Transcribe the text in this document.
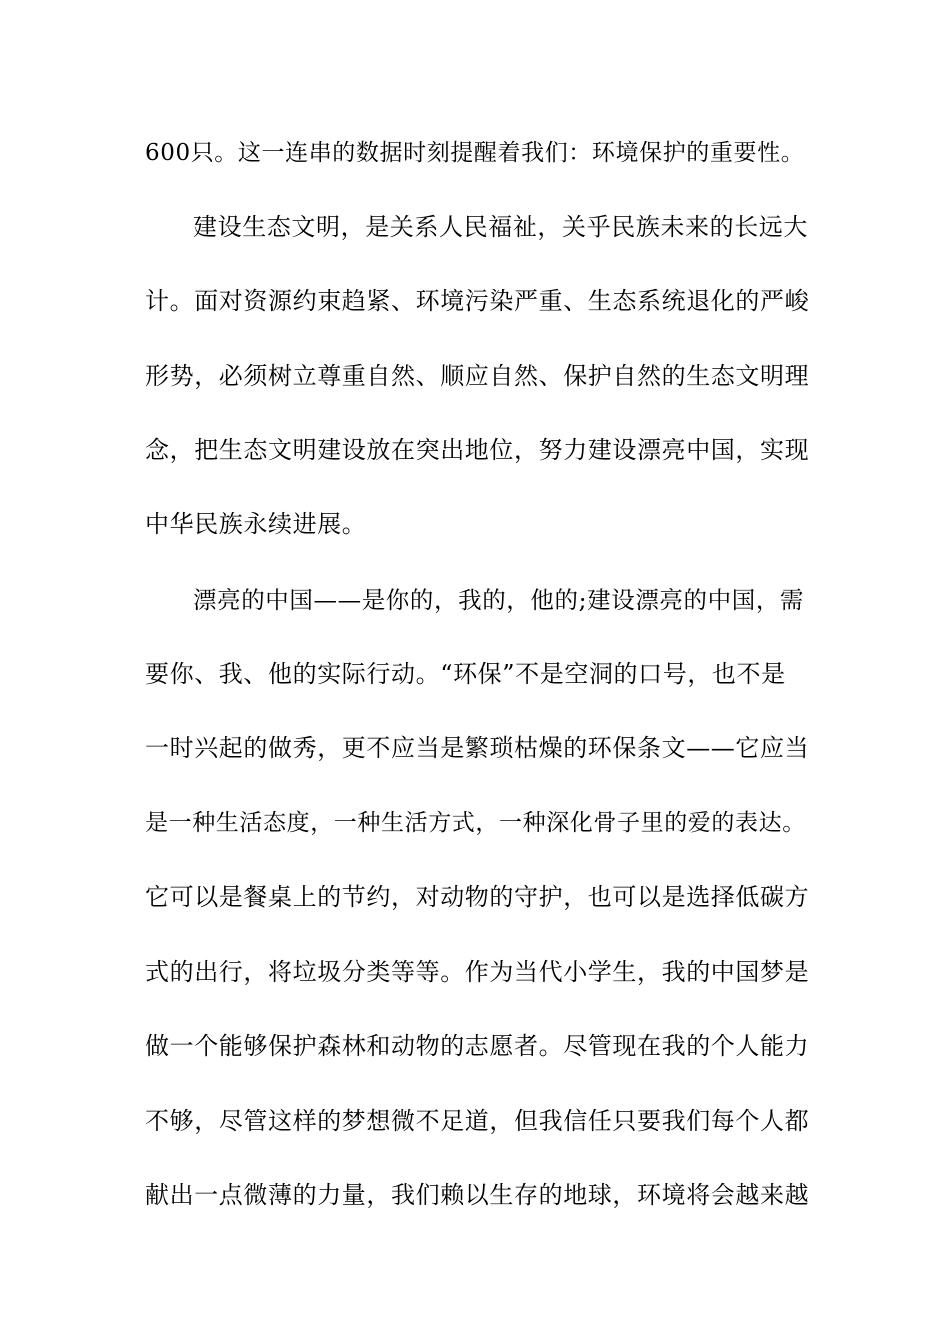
600只。这一连串的数据时刻提醒着我们：环境保护的重要性。
建设生态文明，是关系人民福祉，关乎民族未来的长远大
计。面对资源约束趋紧、环境污染严重、生态系统退化的严峻
形势，必须树立尊重自然、顺应自然、保护自然的生态文明理
念，把生态文明建设放在突出地位，努力建设漂亮中国，实现
中华民族永续进展。
漂亮的中国——是你的，我的，他的;建设漂亮的中国，需
要你、我、他的实际行动。“环保”不是空洞的口号，也不是
一时兴起的做秀，更不应当是繁琐枯燥的环保条文——它应当
是一种生活态度，一种生活方式，一种深化骨子里的爱的表达。
它可以是餐桌上的节约，对动物的守护，也可以是选择低碳方
式的出行，将垃圾分类等等。作为当代小学生，我的中国梦是
做一个能够保护森林和动物的志愿者。尽管现在我的个人能力
不够，尽管这样的梦想微不足道，但我信任只要我们每个人都
献出一点微薄的力量，我们赖以生存的地球，环境将会越来越
